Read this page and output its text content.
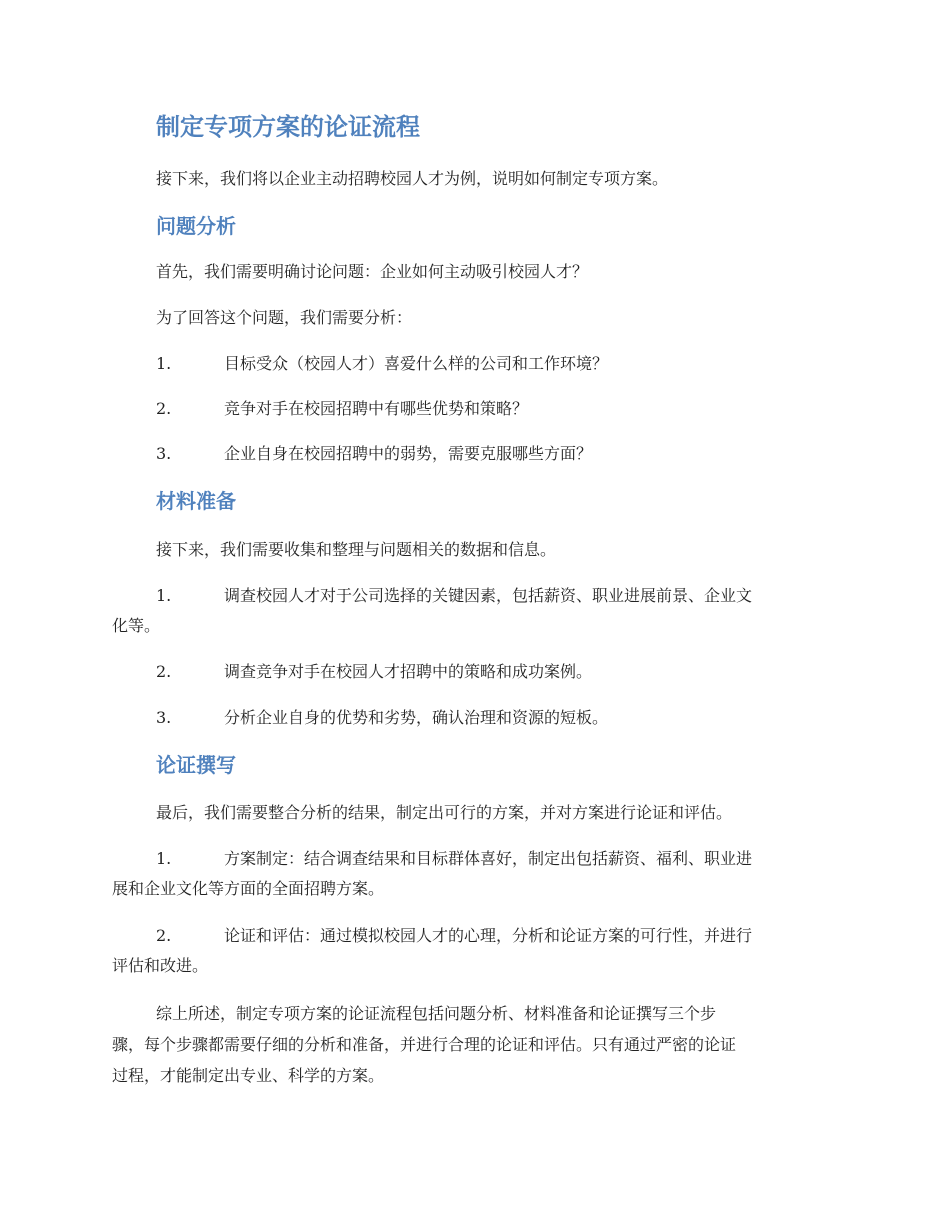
制定专项方案的论证流程
接下来，我们将以企业主动招聘校园人才为例，说明如何制定专项方案。
问题分析
首先，我们需要明确讨论问题：企业如何主动吸引校园人才？
为了回答这个问题，我们需要分析：
1.	目标受众（校园人才）喜爱什么样的公司和工作环境？
2.	竞争对手在校园招聘中有哪些优势和策略？
3.	企业自身在校园招聘中的弱势，需要克服哪些方面？
材料准备
接下来，我们需要收集和整理与问题相关的数据和信息。
1.	调查校园人才对于公司选择的关键因素，包括薪资、职业进展前景、企业文
化等。
2.	调查竞争对手在校园人才招聘中的策略和成功案例。
3.	分析企业自身的优势和劣势，确认治理和资源的短板。
论证撰写
最后，我们需要整合分析的结果，制定出可行的方案，并对方案进行论证和评估。
1.	方案制定：结合调查结果和目标群体喜好，制定出包括薪资、福利、职业进
展和企业文化等方面的全面招聘方案。
2.	论证和评估：通过模拟校园人才的心理，分析和论证方案的可行性，并进行
评估和改进。
综上所述，制定专项方案的论证流程包括问题分析、材料准备和论证撰写三个步
骤，每个步骤都需要仔细的分析和准备，并进行合理的论证和评估。只有通过严密的论证
过程，才能制定出专业、科学的方案。
